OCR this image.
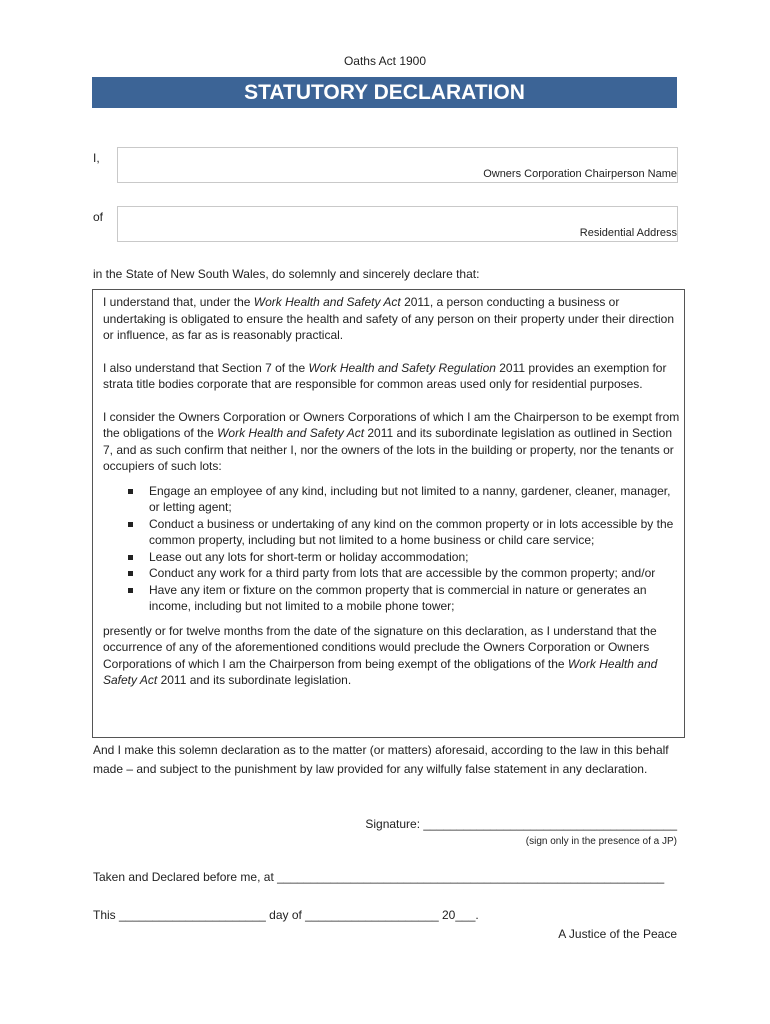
Oaths Act 1900
STATUTORY DECLARATION
I,
Owners Corporation Chairperson Name
of
Residential Address
in the State of New South Wales, do solemnly and sincerely declare that:

I understand that, under the Work Health and Safety Act 2011, a person conducting a business or undertaking is obligated to ensure the health and safety of any person on their property under their direction or influence, as far as is reasonably practical.

I also understand that Section 7 of the Work Health and Safety Regulation 2011 provides an exemption for strata title bodies corporate that are responsible for common areas used only for residential purposes.

I consider the Owners Corporation or Owners Corporations of which I am the Chairperson to be exempt from the obligations of the Work Health and Safety Act 2011 and its subordinate legislation as outlined in Section 7, and as such confirm that neither I, nor the owners of the lots in the building or property, nor the tenants or occupiers of such lots:

Engage an employee of any kind, including but not limited to a nanny, gardener, cleaner, manager, or letting agent;
Conduct a business or undertaking of any kind on the common property or in lots accessible by the common property, including but not limited to a home business or child care service;
Lease out any lots for short-term or holiday accommodation;
Conduct any work for a third party from lots that are accessible by the common property; and/or
Have any item or fixture on the common property that is commercial in nature or generates an income, including but not limited to a mobile phone tower;

presently or for twelve months from the date of the signature on this declaration, as I understand that the occurrence of any of the aforementioned conditions would preclude the Owners Corporation or Owners Corporations of which I am the Chairperson from being exempt of the obligations of the Work Health and Safety Act 2011 and its subordinate legislation.

And I make this solemn declaration as to the matter (or matters) aforesaid, according to the law in this behalf made – and subject to the punishment by law provided for any wilfully false statement in any declaration.
Signature: ______________________________________
(sign only in the presence of a JP)
Taken and Declared before me, at __________________________________________________________
This ______________________ day of ____________________ 20___.
A Justice of the Peace
